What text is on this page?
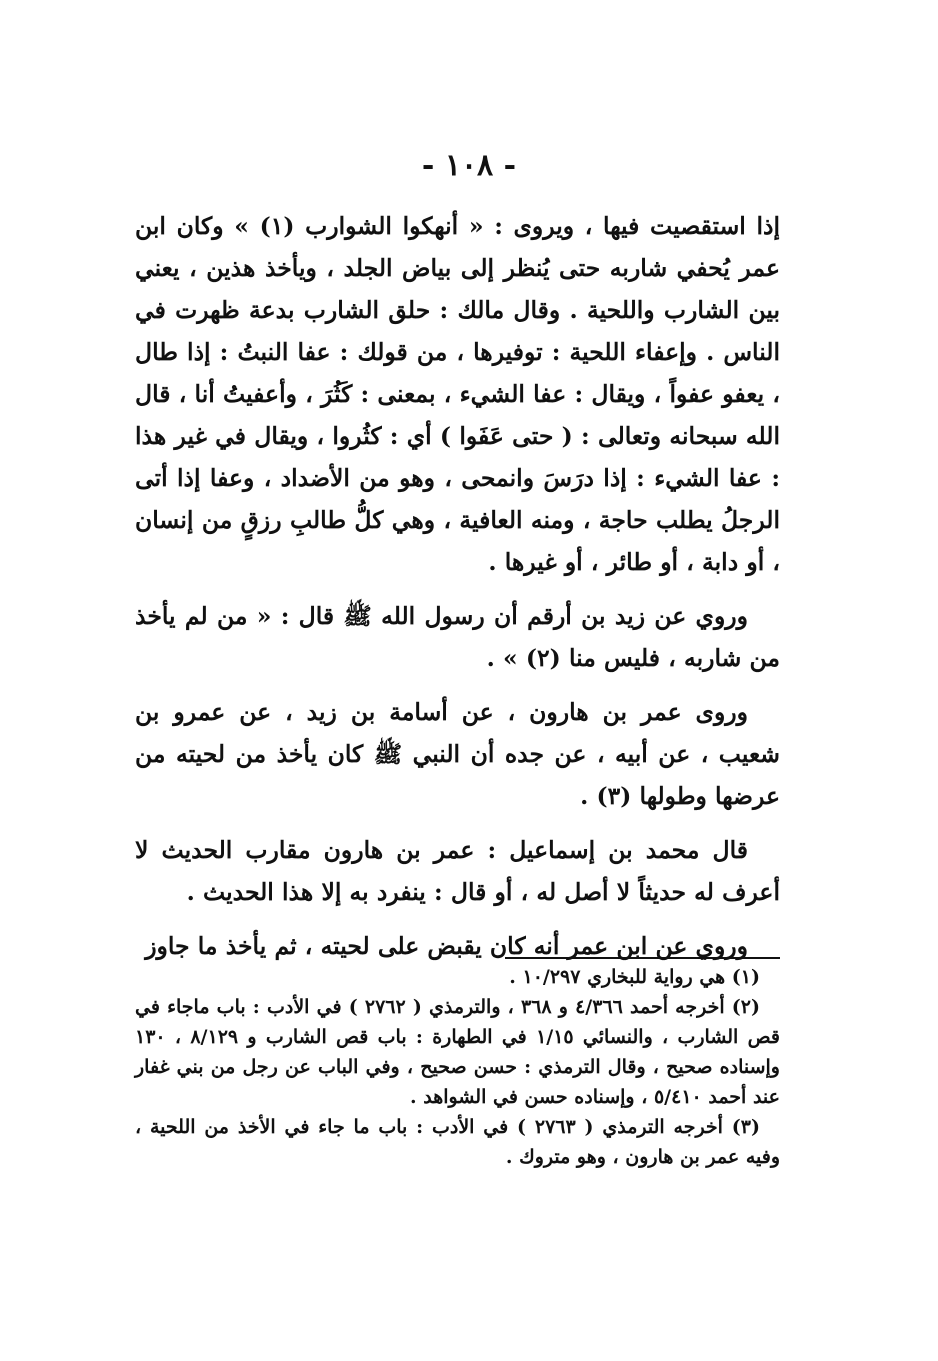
- ١٠٨ -

إذا استقصيت فيها ، ويروى : « أنهكوا الشوارب (١) » وكان ابن عمر يُحفي شاربه حتى يُنظر إلى بياض الجلد ، ويأخذ هذين ، يعني بين الشارب واللحية . وقال مالك : حلق الشارب بدعة ظهرت في الناس . وإعفاء اللحية : توفيرها ، من قولك : عفا النبتُ : إذا طال ، يعفو عفواً ، ويقال : عفا الشيء ، بمعنى : كَثُرَ ، وأعفيتُ أنا ، قال الله سبحانه وتعالى : ( حتى عَفَوا ) أي : كثُروا ، ويقال في غير هذا : عفا الشيء : إذا درَسَ وانمحى ، وهو من الأضداد ، وعفا إذا أتى الرجلُ يطلب حاجة ، ومنه العافية ، وهي كلُّ طالبِ رزقٍ من إنسان ، أو دابة ، أو طائر ، أو غيرها .

وروي عن زيد بن أرقم أن رسول الله ﷺ قال : « من لم يأخذ من شاربه ، فليس منا (٢) » .

وروى عمر بن هارون ، عن أسامة بن زيد ، عن عمرو بن شعيب ، عن أبيه ، عن جده أن النبي ﷺ كان يأخذ من لحيته من عرضها وطولها (٣) .

قال محمد بن إسماعيل : عمر بن هارون مقارب الحديث لا أعرف له حديثاً لا أصل له ، أو قال : ينفرد به إلا هذا الحديث .

وروي عن ابن عمر أنه كان يقبض على لحيته ، ثم يأخذ ما جاوز

(١) هي رواية للبخاري ١٠/٢٩٧ .

(٢) أخرجه أحمد ٤/٣٦٦ و ٣٦٨ ، والترمذي ( ٢٧٦٢ ) في الأدب : باب ماجاء في قص الشارب ، والنسائي ١/١٥ في الطهارة : باب قص الشارب و ٨/١٢٩ ، ١٣٠ وإسناده صحيح ، وقال الترمذي : حسن صحيح ، وفي الباب عن رجل من بني غفار عند أحمد ٥/٤١٠ ، وإسناده حسن في الشواهد .

(٣) أخرجه الترمذي ( ٢٧٦٣ ) في الأدب : باب ما جاء في الأخذ من اللحية ، وفيه عمر بن هارون ، وهو متروك .
